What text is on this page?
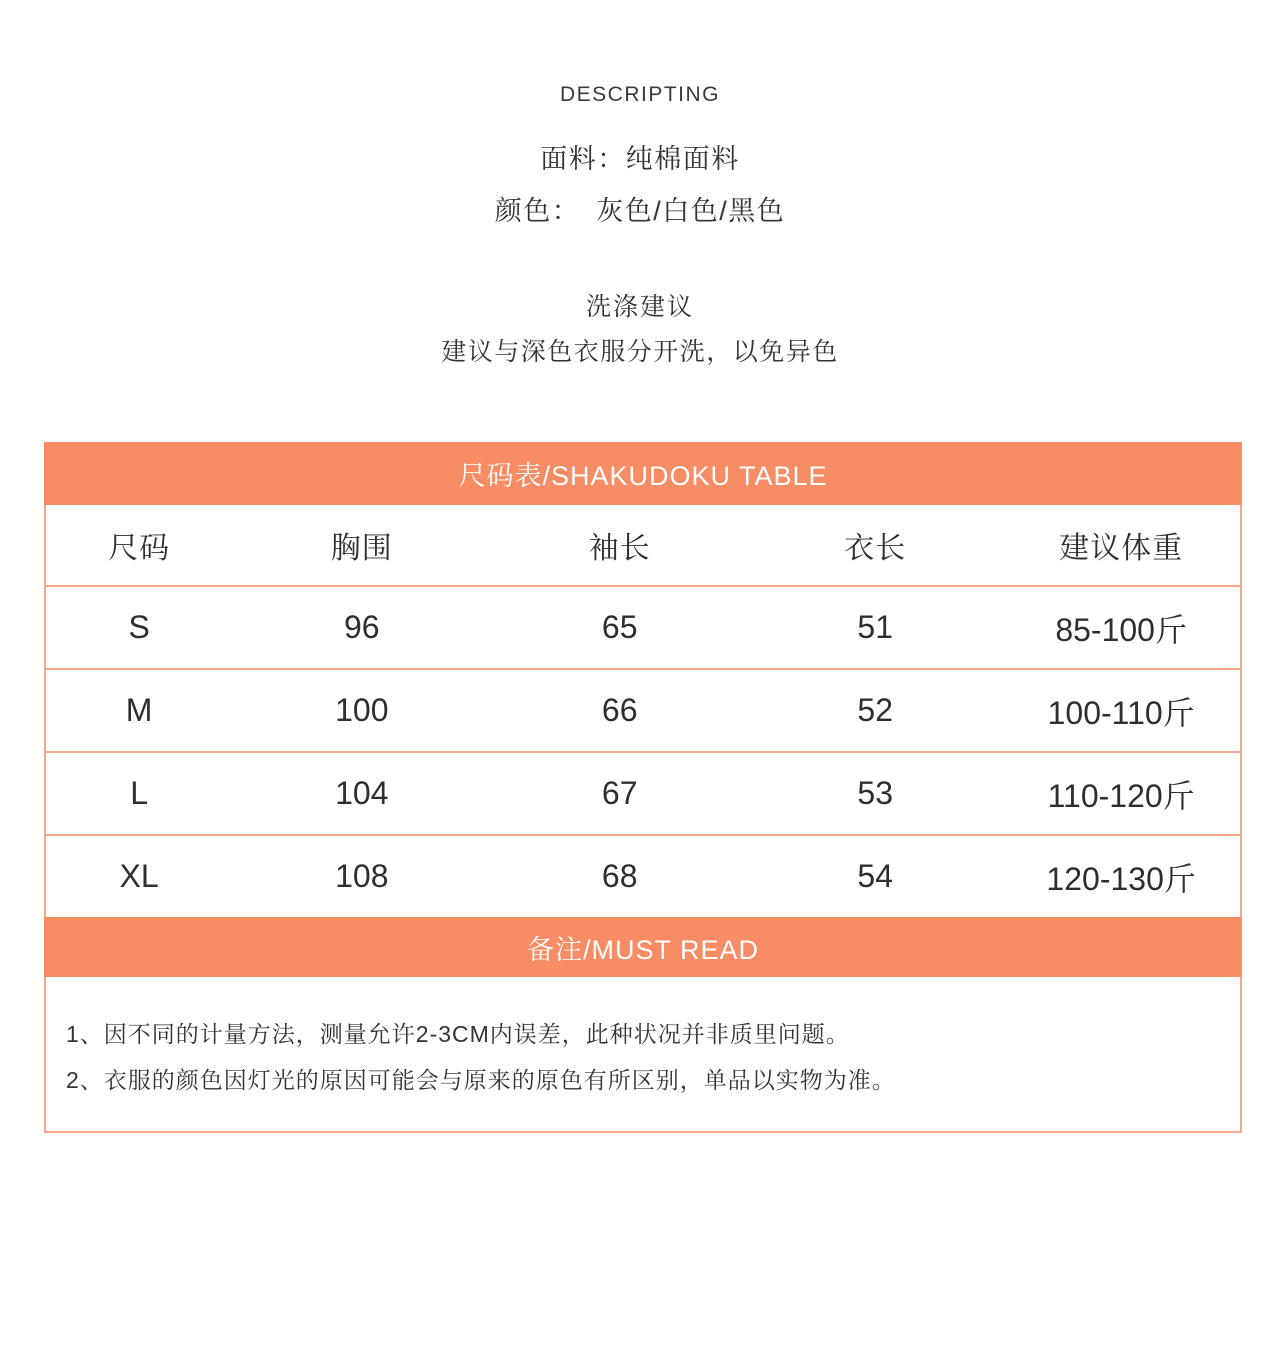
DESCRIPTING
面料：纯棉面料
颜色： 灰色/白色/黑色
洗涤建议
建议与深色衣服分开洗，以免异色
尺码表/SHAKUDOKU TABLE
尺码	胸围	袖长	衣长	建议体重
S	96	65	51	85-100斤
M	100	66	52	100-110斤
L	104	67	53	110-120斤
XL	108	68	54	120-130斤
备注/MUST READ
1、因不同的计量方法，测量允许2-3CM内误差，此种状况并非质里问题。
2、衣服的颜色因灯光的原因可能会与原来的原色有所区别，单品以实物为准。
